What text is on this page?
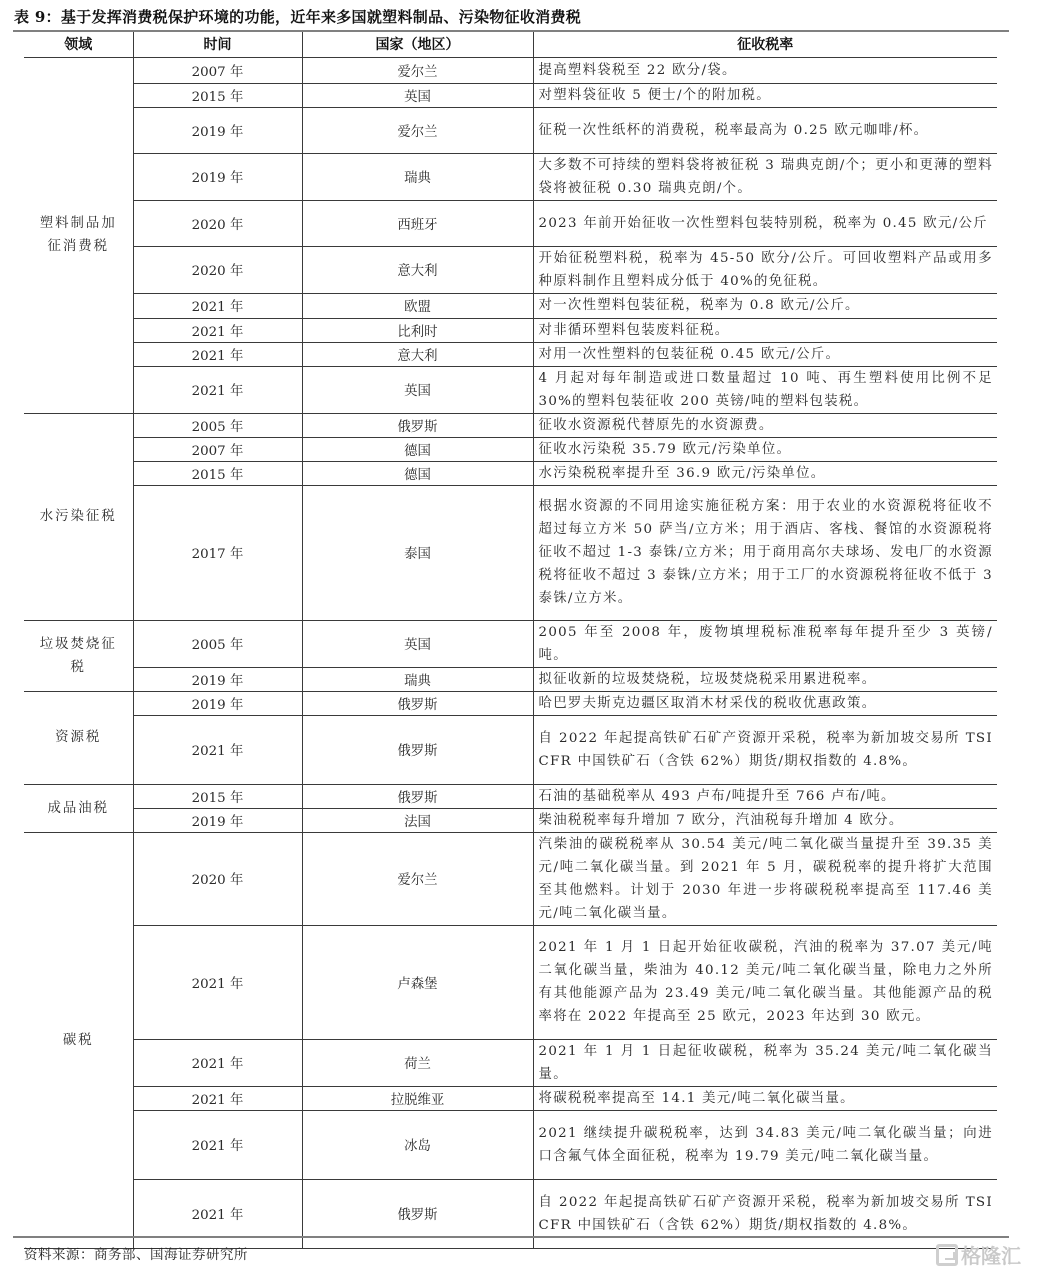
表 9：基于发挥消费税保护环境的功能，近年来多国就塑料制品、污染物征收消费税
领域	时间	国家（地区）	征收税率
塑料制品加征消费税	2007 年	爱尔兰	提高塑料袋税至 22 欧分/袋。
	2015 年	英国	对塑料袋征收 5 便士/个的附加税。
	2019 年	爱尔兰	征税一次性纸杯的消费税，税率最高为 0.25 欧元咖啡/杯。
	2019 年	瑞典	大多数不可持续的塑料袋将被征税 3 瑞典克朗/个；更小和更薄的塑料袋将被征税 0.30 瑞典克朗/个。
	2020 年	西班牙	2023 年前开始征收一次性塑料包装特别税，税率为 0.45 欧元/公斤
	2020 年	意大利	开始征税塑料税，税率为 45-50 欧分/公斤。可回收塑料产品或用多种原料制作且塑料成分低于 40%的免征税。
	2021 年	欧盟	对一次性塑料包装征税，税率为 0.8 欧元/公斤。
	2021 年	比利时	对非循环塑料包装废料征税。
	2021 年	意大利	对用一次性塑料的包装征税 0.45 欧元/公斤。
	2021 年	英国	4 月起对每年制造或进口数量超过 10 吨、再生塑料使用比例不足 30%的塑料包装征收 200 英镑/吨的塑料包装税。
水污染征税	2005 年	俄罗斯	征收水资源税代替原先的水资源费。
	2007 年	德国	征收水污染税 35.79 欧元/污染单位。
	2015 年	德国	水污染税税率提升至 36.9 欧元/污染单位。
	2017 年	泰国	根据水资源的不同用途实施征税方案：用于农业的水资源税将征收不超过每立方米 50 萨当/立方米；用于酒店、客栈、餐馆的水资源税将征收不超过 1-3 泰铢/立方米；用于商用高尔夫球场、发电厂的水资源税将征收不超过 3 泰铢/立方米；用于工厂的水资源税将征收不低于 3 泰铢/立方米。
垃圾焚烧征税	2005 年	英国	2005 年至 2008 年，废物填埋税标准税率每年提升至少 3 英镑/吨。
	2019 年	瑞典	拟征收新的垃圾焚烧税，垃圾焚烧税采用累进税率。
资源税	2019 年	俄罗斯	哈巴罗夫斯克边疆区取消木材采伐的税收优惠政策。
	2021 年	俄罗斯	自 2022 年起提高铁矿石矿产资源开采税，税率为新加坡交易所 TSI CFR 中国铁矿石（含铁 62%）期货/期权指数的 4.8%。
成品油税	2015 年	俄罗斯	石油的基础税率从 493 卢布/吨提升至 766 卢布/吨。
	2019 年	法国	柴油税税率每升增加 7 欧分，汽油税每升增加 4 欧分。
碳税	2020 年	爱尔兰	汽柴油的碳税税率从 30.54 美元/吨二氧化碳当量提升至 39.35 美元/吨二氧化碳当量。到 2021 年 5 月，碳税税率的提升将扩大范围至其他燃料。计划于 2030 年进一步将碳税税率提高至 117.46 美元/吨二氧化碳当量。
	2021 年	卢森堡	2021 年 1 月 1 日起开始征收碳税，汽油的税率为 37.07 美元/吨二氧化碳当量，柴油为 40.12 美元/吨二氧化碳当量，除电力之外所有其他能源产品为 23.49 美元/吨二氧化碳当量。其他能源产品的税率将在 2022 年提高至 25 欧元，2023 年达到 30 欧元。
	2021 年	荷兰	2021 年 1 月 1 日起征收碳税，税率为 35.24 美元/吨二氧化碳当量。
	2021 年	拉脱维亚	将碳税税率提高至 14.1 美元/吨二氧化碳当量。
	2021 年	冰岛	2021 继续提升碳税税率，达到 34.83 美元/吨二氧化碳当量；向进口含氟气体全面征税，税率为 19.79 美元/吨二氧化碳当量。
	2021 年	俄罗斯	自 2022 年起提高铁矿石矿产资源开采税，税率为新加坡交易所 TSI CFR 中国铁矿石（含铁 62%）期货/期权指数的 4.8%。
资料来源：商务部、国海证券研究所	格隆汇
